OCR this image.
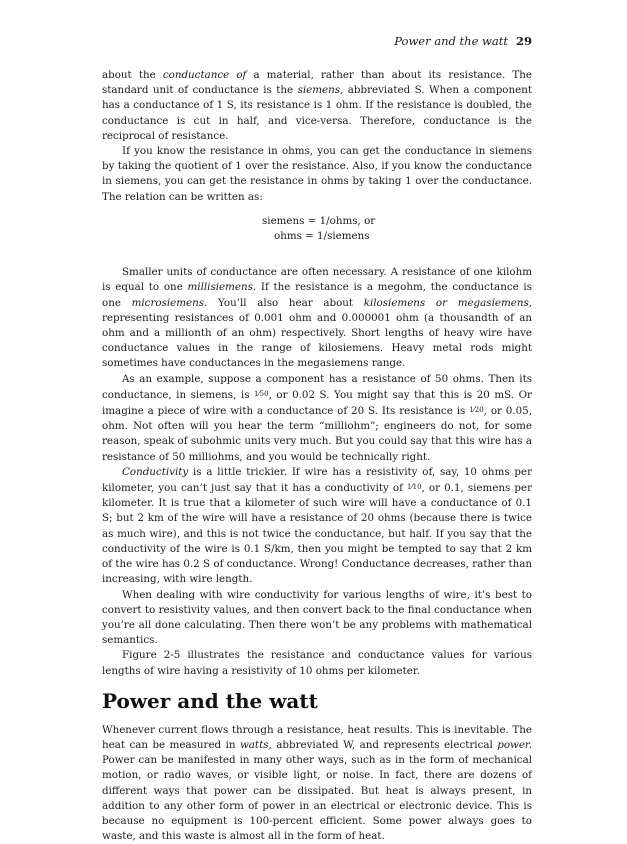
Power and the watt 29

about the conductance of a material, rather than about its resistance. The standard unit of conductance is the siemens, abbreviated S. When a component has a conductance of 1 S, its resistance is 1 ohm. If the resistance is doubled, the conductance is cut in half, and vice-versa. Therefore, conductance is the reciprocal of resistance.

If you know the resistance in ohms, you can get the conductance in siemens by taking the quotient of 1 over the resistance. Also, if you know the conductance in siemens, you can get the resistance in ohms by taking 1 over the conductance. The relation can be written as:

siemens = 1/ohms, or
ohms = 1/siemens

Smaller units of conductance are often necessary. A resistance of one kilohm is equal to one millisiemens. If the resistance is a megohm, the conductance is one microsiemens. You’ll also hear about kilosiemens or megasiemens, representing resistances of 0.001 ohm and 0.000001 ohm (a thousandth of an ohm and a millionth of an ohm) respectively. Short lengths of heavy wire have conductance values in the range of kilosiemens. Heavy metal rods might sometimes have conductances in the megasiemens range.

As an example, suppose a component has a resistance of 50 ohms. Then its conductance, in siemens, is 1⁄50, or 0.02 S. You might say that this is 20 mS. Or imagine a piece of wire with a conductance of 20 S. Its resistance is 1⁄20, or 0.05, ohm. Not often will you hear the term “milliohm”; engineers do not, for some reason, speak of subohmic units very much. But you could say that this wire has a resistance of 50 milliohms, and you would be technically right.

Conductivity is a little trickier. If wire has a resistivity of, say, 10 ohms per kilometer, you can’t just say that it has a conductivity of 1⁄10, or 0.1, siemens per kilometer. It is true that a kilometer of such wire will have a conductance of 0.1 S; but 2 km of the wire will have a resistance of 20 ohms (because there is twice as much wire), and this is not twice the conductance, but half. If you say that the conductivity of the wire is 0.1 S/km, then you might be tempted to say that 2 km of the wire has 0.2 S of conductance. Wrong! Conductance decreases, rather than increasing, with wire length.

When dealing with wire conductivity for various lengths of wire, it’s best to convert to resistivity values, and then convert back to the final conductance when you’re all done calculating. Then there won’t be any problems with mathematical semantics.

Figure 2-5 illustrates the resistance and conductance values for various lengths of wire having a resistivity of 10 ohms per kilometer.

Power and the watt

Whenever current flows through a resistance, heat results. This is inevitable. The heat can be measured in watts, abbreviated W, and represents electrical power. Power can be manifested in many other ways, such as in the form of mechanical motion, or radio waves, or visible light, or noise. In fact, there are dozens of different ways that power can be dissipated. But heat is always present, in addition to any other form of power in an electrical or electronic device. This is because no equipment is 100-percent efficient. Some power always goes to waste, and this waste is almost all in the form of heat.
